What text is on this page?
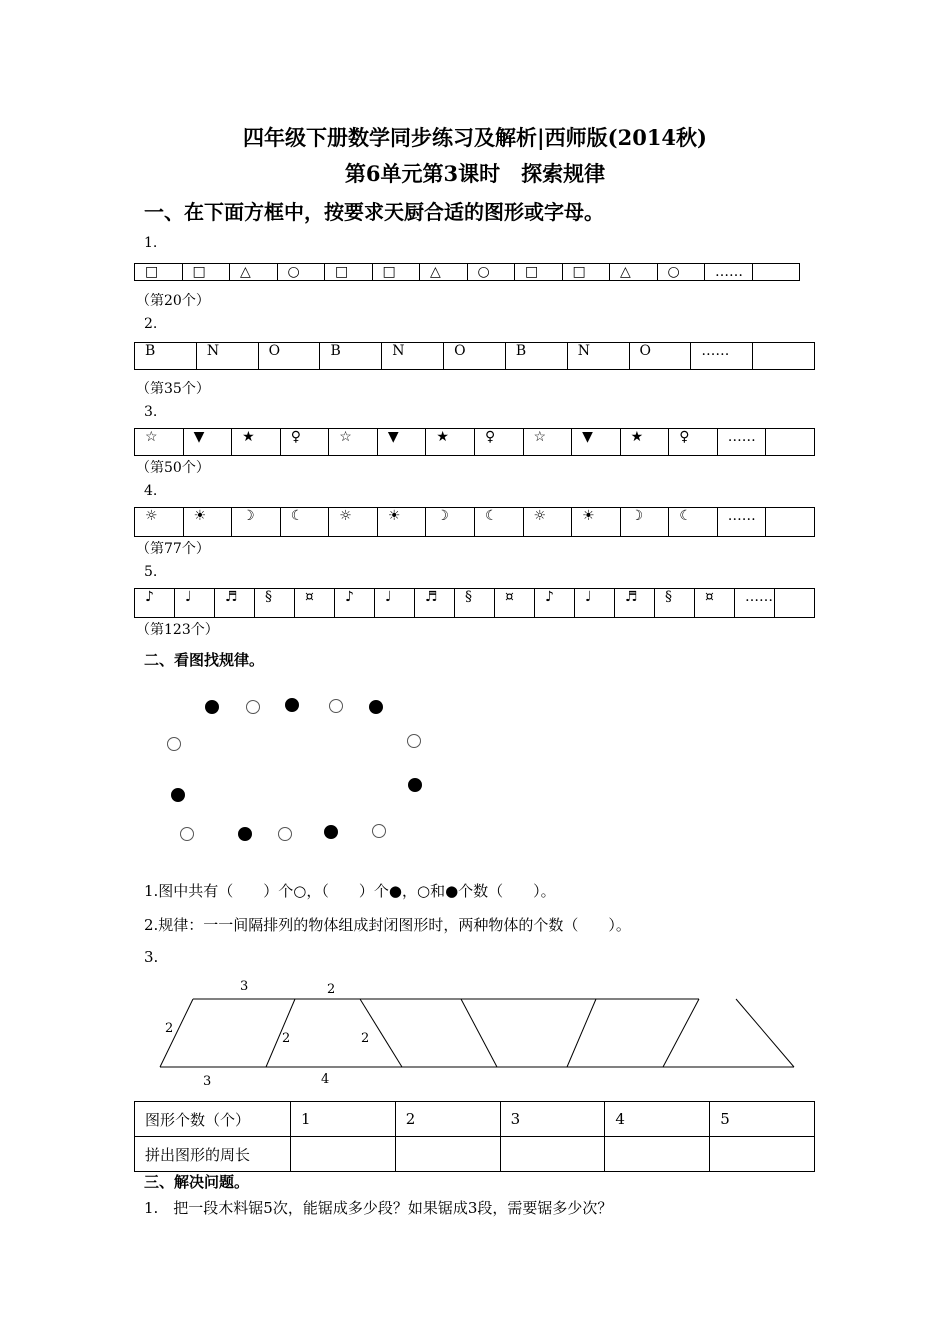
四年级下册数学同步练习及解析|西师版(2014秋)
第6单元第3课时　探索规律
一、在下面方框中，按要求天厨合适的图形或字母。
1.
□	□	△	○	□	□	△	○	□	□	△	○	……	
（第20个）
2.
B	N	O	B	N	O	B	N	O	……	
（第35个）
3.
☆	▼	★	♀	☆	▼	★	♀	☆	▼	★	♀	……	
（第50个）
4.
☼	☀	☽	☾	☼	☀	☽	☾	☼	☀	☽	☾	……	
（第77个）
5.
♪	♩	♬	§	¤	♪	♩	♬	§	¤	♪	♩	♬	§	¤	……	
（第123个）
二、看图找规律。
1.图中共有（　　）个○，（　　）个●，○和●个数（　　）。
2.规律：一一间隔排列的物体组成封闭图形时，两种物体的个数（　　）。
3.
3	2
2
2	2
3	4
图形个数（个）	1	2	3	4	5
拼出图形的周长					
三、解决问题。
1.　把一段木料锯5次，能锯成多少段？如果锯成3段，需要锯多少次？
